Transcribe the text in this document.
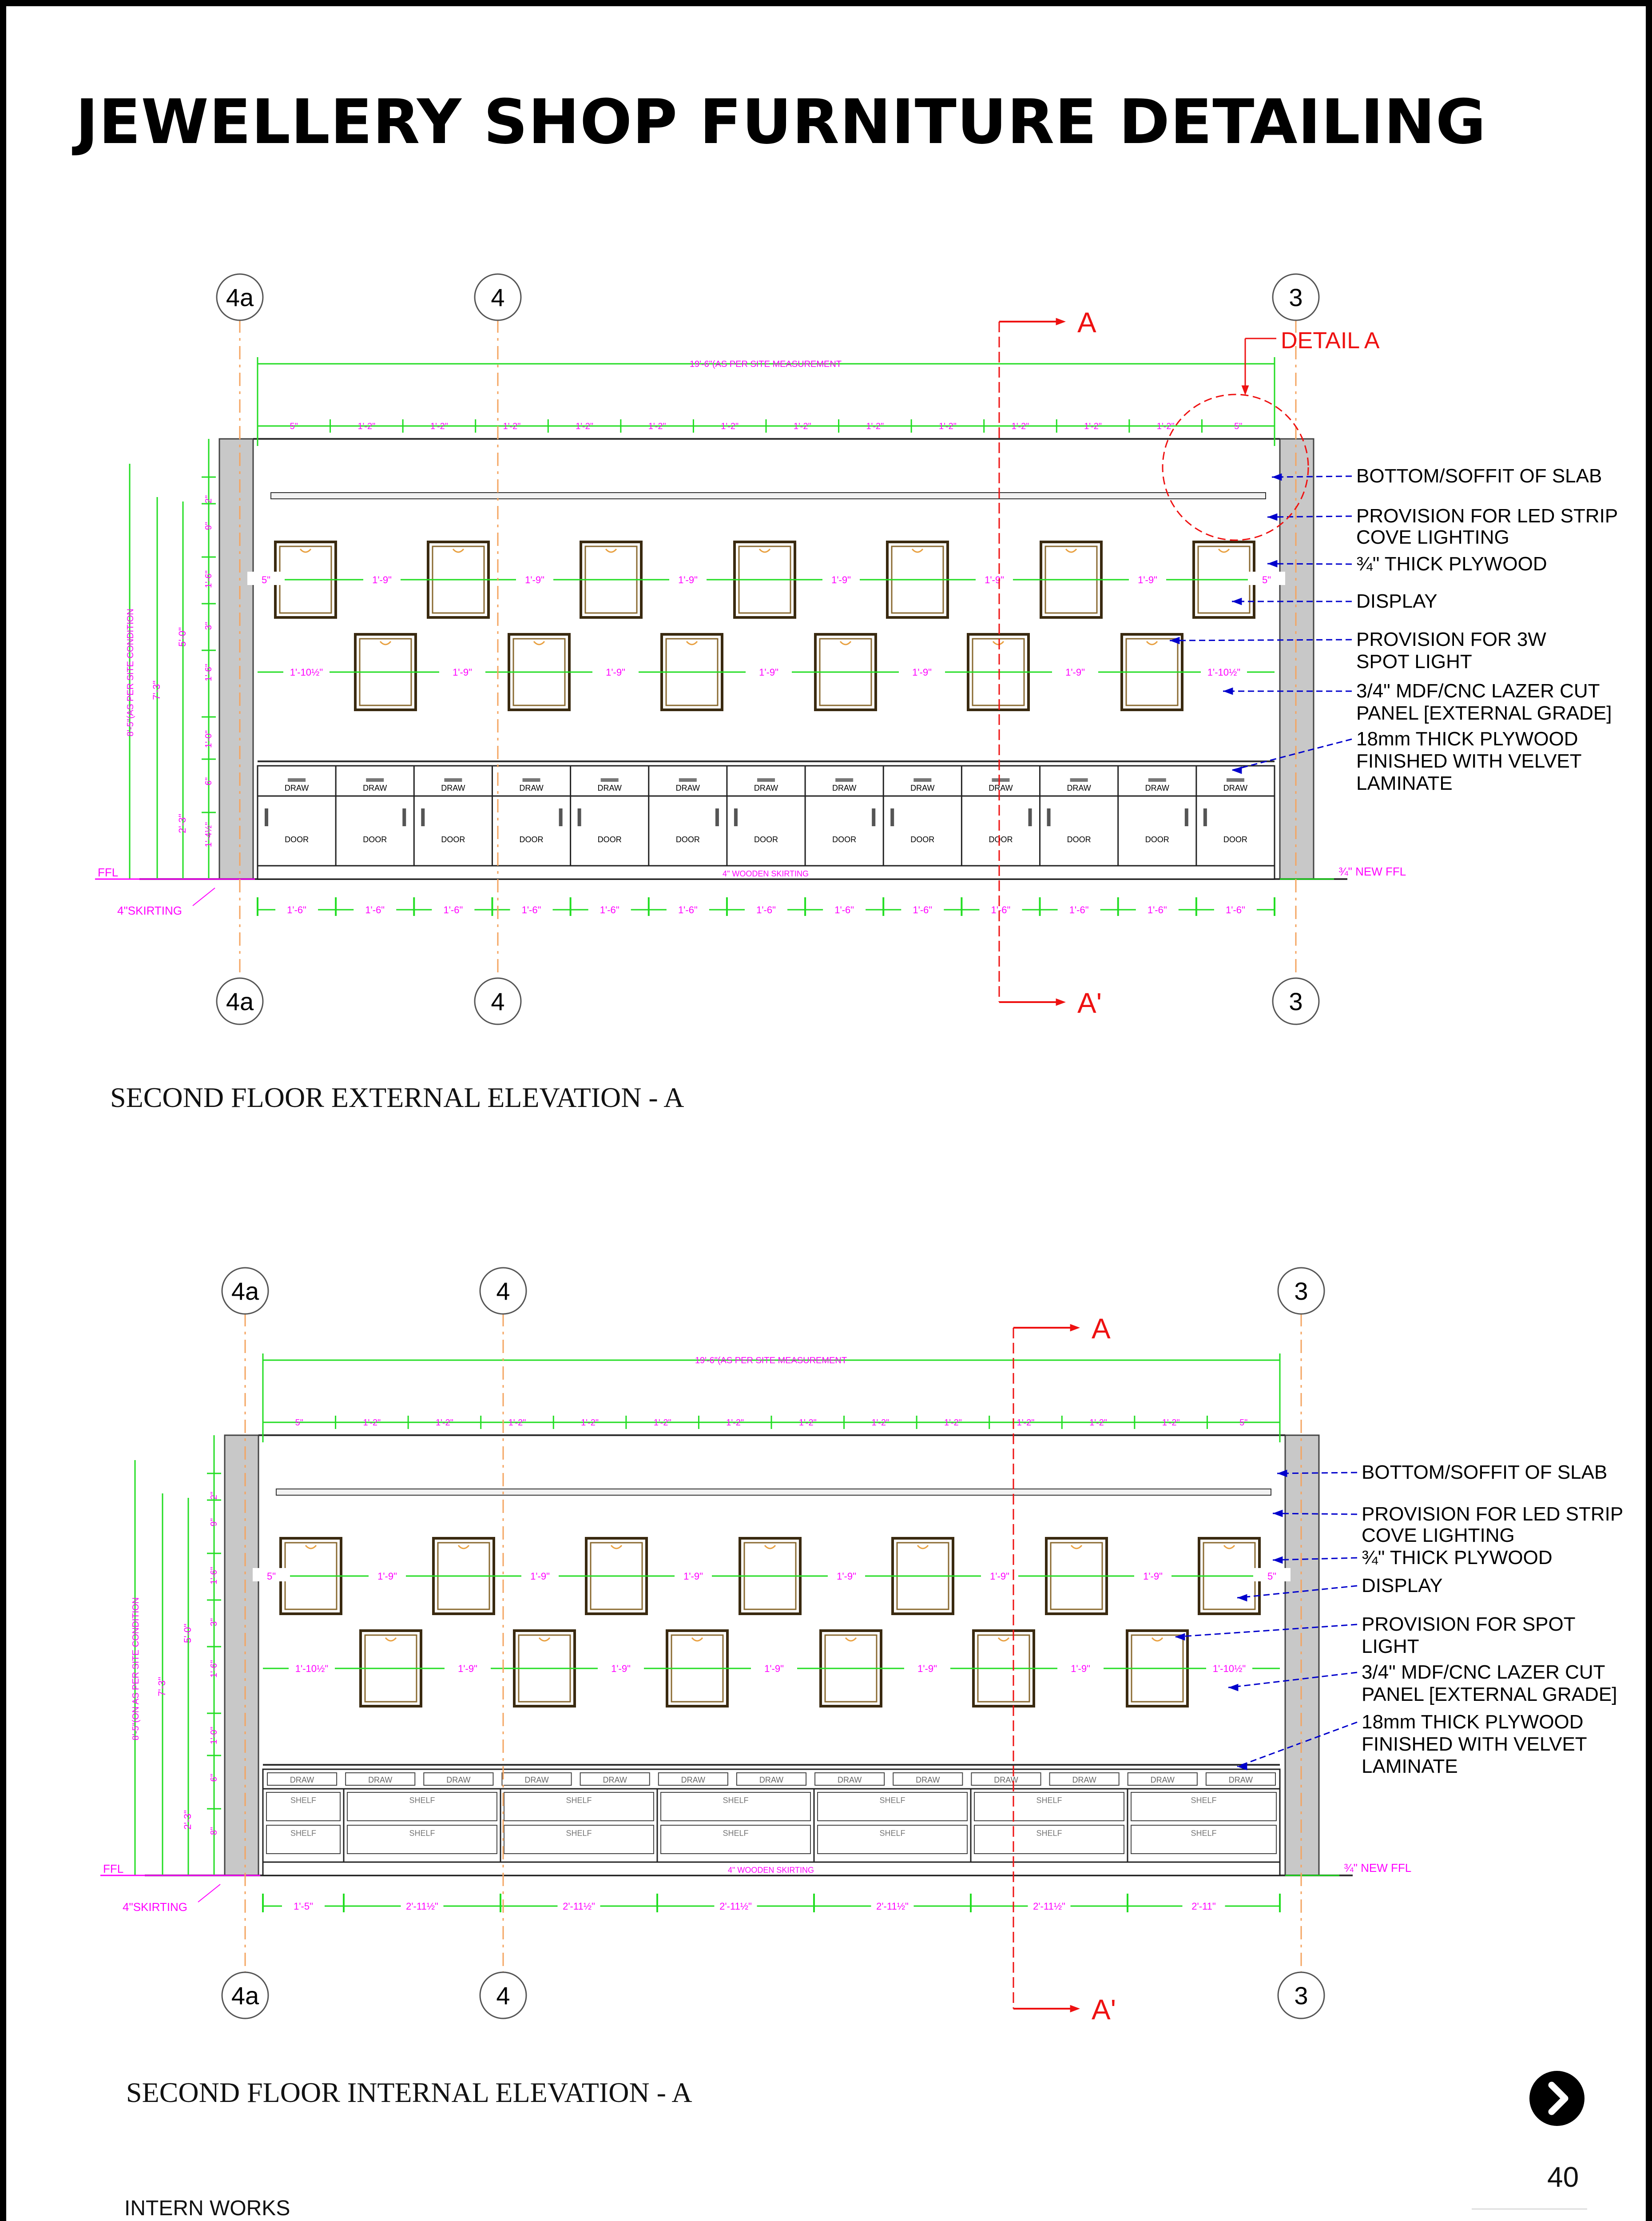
JEWELLERY SHOP FURNITURE DETAILING
19'-6"(AS PER SITE MEASUREMENT
5"	1'-2"	1'-2"	1'-2"	1'-2"	1'-2"	1'-2"	1'-2"	1'-2"	1'-2"	1'-2"	1'-2"	1'-2"	5"
5"	1'-9"	1'-9"	1'-9"	1'-9"	1'-9"	1'-9"	5"
1'-10½"	1'-9"	1'-9"	1'-9"	1'-9"	1'-9"	1'-10½"
4" WOODEN SKIRTING
DRAW
DOOR
DRAW
DOOR
DRAW
DOOR
DRAW
DOOR
DRAW
DOOR
DRAW
DOOR
DRAW
DOOR
DRAW
DOOR
DRAW
DOOR
DRAW
DOOR
DRAW
DOOR
DRAW
DOOR
DRAW
DOOR
1'-6"	1'-6"	1'-6"	1'-6"	1'-6"	1'-6"	1'-6"	1'-6"	1'-6"	1'-6"	1'-6"	1'-6"	1'-6"
8'-5"(AS PER SITE CONDITION 7'-3"
5'-0"
2'-3"
2"
9"
1'-6"
3"
1'-6"
1'-0"
6"
1'-4½"
FFL
4"SKIRTING
¾" NEW FFL
BOTTOM/SOFFIT OF SLAB
PROVISION FOR LED STRIP
COVE LIGHTING
¾" THICK PLYWOOD
DISPLAY
PROVISION FOR 3W
SPOT LIGHT
3/4" MDF/CNC LAZER CUT
PANEL [EXTERNAL GRADE]
18mm THICK PLYWOOD
FINISHED WITH VELVET
LAMINATE
4a
4a
4
4
3
3
A
A'
DETAIL A
19'-6"(AS PER SITE MEASUREMENT
5"	1'-2"	1'-2"	1'-2"	1'-2"	1'-2"	1'-2"	1'-2"	1'-2"	1'-2"	1'-2"	1'-2"	1'-2"	5"
5"	1'-9"	1'-9"	1'-9"	1'-9"	1'-9"	1'-9"	5"
1'-10½"	1'-9"	1'-9"	1'-9"	1'-9"	1'-9"	1'-10½"
4" WOODEN SKIRTING
DRAW	DRAW	DRAW	DRAW	DRAW	DRAW	DRAW	DRAW	DRAW	DRAW	DRAW	DRAW	DRAW
SHELF
SHELF
SHELF
SHELF
SHELF
SHELF
SHELF
SHELF
SHELF
SHELF
SHELF
SHELF
SHELF
SHELF
1'-5"	2'-11½"	2'-11½"	2'-11½"	2'-11½"	2'-11½"	2'-11"
8'-5"(ON AS PER SITE CONDITION 7'-3"
5'-0"
2'-3"
2"
9"
1'-6"
3"
1'-6"
1'-0"
6"
8"
FFL
4"SKIRTING
¾" NEW FFL
BOTTOM/SOFFIT OF SLAB
PROVISION FOR LED STRIP
COVE LIGHTING
¾" THICK PLYWOOD
DISPLAY
PROVISION FOR SPOT
LIGHT
3/4" MDF/CNC LAZER CUT
PANEL [EXTERNAL GRADE]
18mm THICK PLYWOOD
FINISHED WITH VELVET
LAMINATE
4a
4a
4
4
3
3
A
A'
SECOND FLOOR EXTERNAL ELEVATION - A
SECOND FLOOR INTERNAL ELEVATION - A
40
INTERN WORKS
